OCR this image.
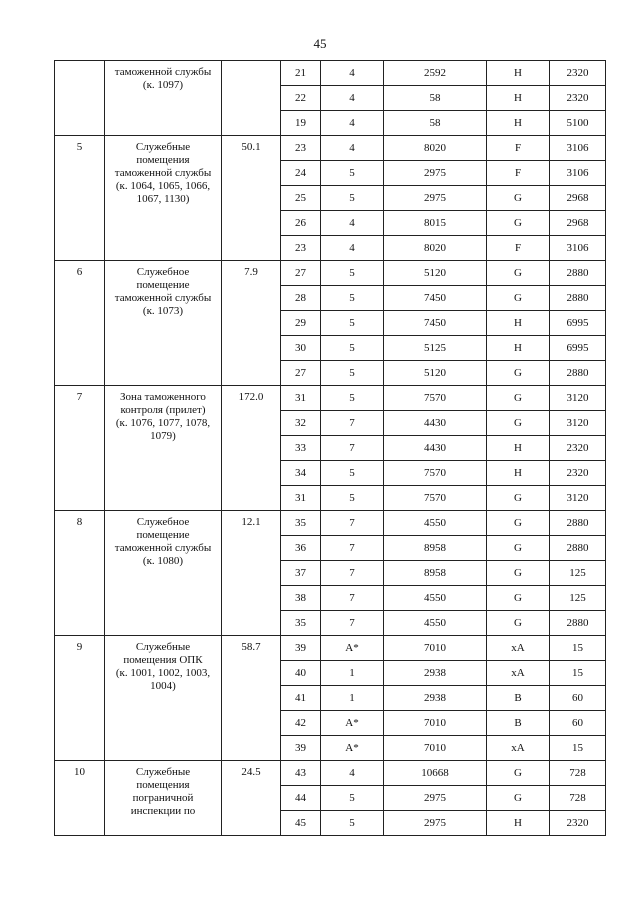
45

	таможенной службы
(к. 1097)		21	4	2592	H	2320
			22	4	58	H	2320
			19	4	58	H	5100
5	Служебные
помещения
таможенной службы
(к. 1064, 1065, 1066,
1067, 1130)	50.1	23	4	8020	F	3106
			24	5	2975	F	3106
			25	5	2975	G	2968
			26	4	8015	G	2968
			23	4	8020	F	3106
6	Служебное
помещение
таможенной службы
(к. 1073)	7.9	27	5	5120	G	2880
			28	5	7450	G	2880
			29	5	7450	H	6995
			30	5	5125	H	6995
			27	5	5120	G	2880
7	Зона таможенного
контроля (прилет)
(к. 1076, 1077, 1078,
1079)	172.0	31	5	7570	G	3120
			32	7	4430	G	3120
			33	7	4430	H	2320
			34	5	7570	H	2320
			31	5	7570	G	3120
8	Служебное
помещение
таможенной службы
(к. 1080)	12.1	35	7	4550	G	2880
			36	7	8958	G	2880
			37	7	8958	G	125
			38	7	4550	G	125
			35	7	4550	G	2880
9	Служебные
помещения ОПК
(к. 1001, 1002, 1003,
1004)	58.7	39	A*	7010	xA	15
			40	1	2938	xA	15
			41	1	2938	B	60
			42	A*	7010	B	60
			39	A*	7010	xA	15
10	Служебные
помещения
пограничной
инспекции по	24.5	43	4	10668	G	728
			44	5	2975	G	728
			45	5	2975	H	2320
